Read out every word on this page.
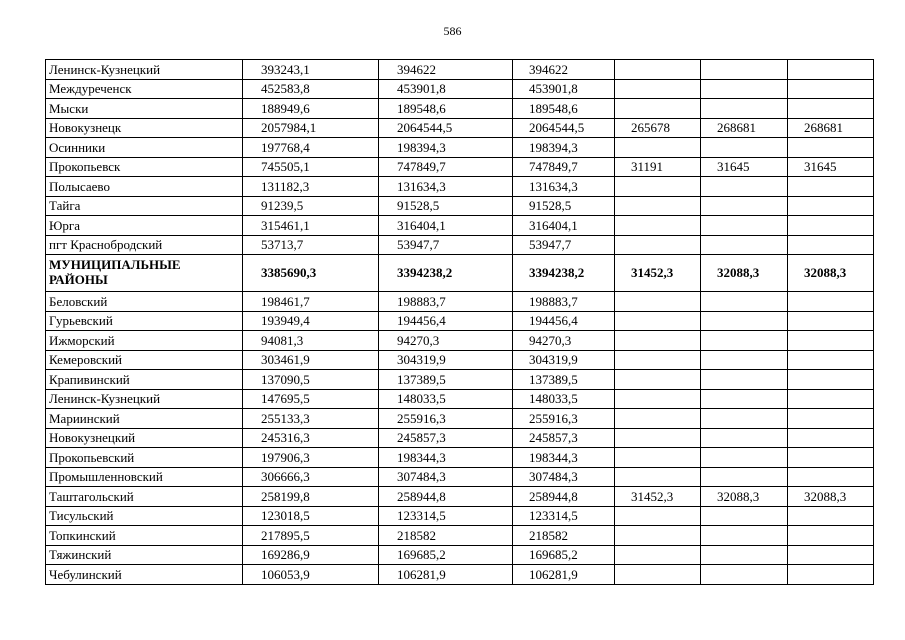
586
Ленинск-Кузнецкий	393243,1	394622	394622			
Междуреченск	452583,8	453901,8	453901,8			
Мыски	188949,6	189548,6	189548,6			
Новокузнецк	2057984,1	2064544,5	2064544,5	265678	268681	268681
Осинники	197768,4	198394,3	198394,3			
Прокопьевск	745505,1	747849,7	747849,7	31191	31645	31645
Полысаево	131182,3	131634,3	131634,3			
Тайга	91239,5	91528,5	91528,5			
Юрга	315461,1	316404,1	316404,1			
пгт Краснобродский	53713,7	53947,7	53947,7			
МУНИЦИПАЛЬНЫЕ РАЙОНЫ	3385690,3	3394238,2	3394238,2	31452,3	32088,3	32088,3
Беловский	198461,7	198883,7	198883,7			
Гурьевский	193949,4	194456,4	194456,4			
Ижморский	94081,3	94270,3	94270,3			
Кемеровский	303461,9	304319,9	304319,9			
Крапивинский	137090,5	137389,5	137389,5			
Ленинск-Кузнецкий	147695,5	148033,5	148033,5			
Мариинский	255133,3	255916,3	255916,3			
Новокузнецкий	245316,3	245857,3	245857,3			
Прокопьевский	197906,3	198344,3	198344,3			
Промышленновский	306666,3	307484,3	307484,3			
Таштагольский	258199,8	258944,8	258944,8	31452,3	32088,3	32088,3
Тисульский	123018,5	123314,5	123314,5			
Топкинский	217895,5	218582	218582			
Тяжинский	169286,9	169685,2	169685,2			
Чебулинский	106053,9	106281,9	106281,9			
